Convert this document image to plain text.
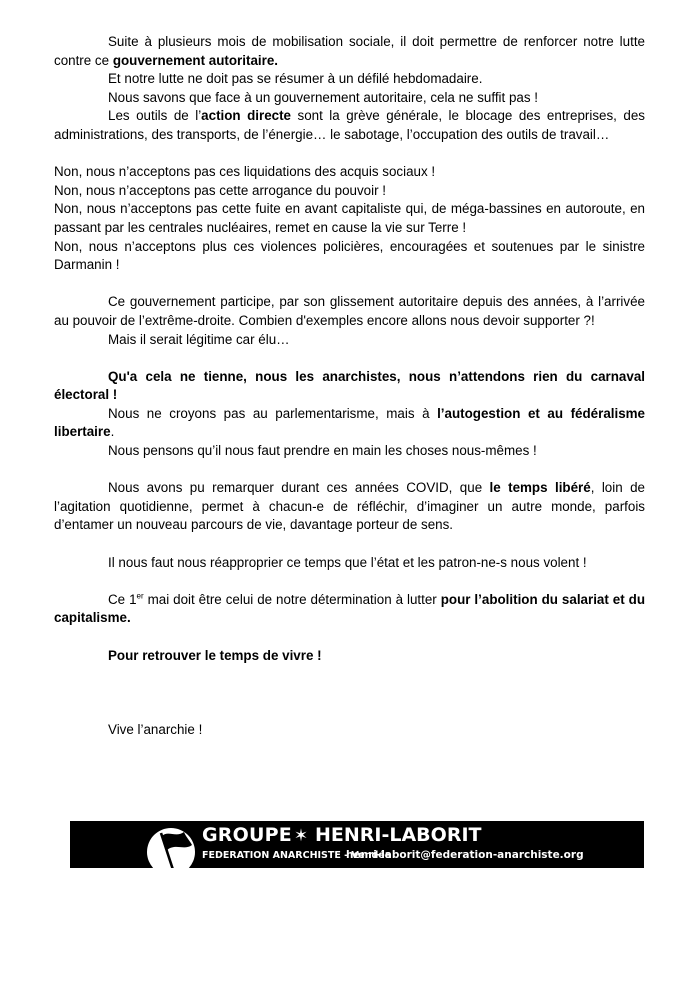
Suite à plusieurs mois de mobilisation sociale, il doit permettre de renforcer notre lutte contre ce gouvernement autoritaire.

Et notre lutte ne doit pas se résumer à un défilé hebdomadaire.

Nous savons que face à un gouvernement autoritaire, cela ne suffit pas !

Les outils de l’action directe sont la grève générale, le blocage des entreprises, des administrations, des transports, de l’énergie… le sabotage, l’occupation des outils de travail…

Non, nous n’acceptons pas ces liquidations des acquis sociaux !

Non, nous n’acceptons pas cette arrogance du pouvoir !

Non, nous n’acceptons pas cette fuite en avant capitaliste qui, de méga-bassines en autoroute, en passant par les centrales nucléaires, remet en cause la vie sur Terre !

Non, nous n’acceptons plus ces violences policières, encouragées et soutenues par le sinistre Darmanin !

Ce gouvernement participe, par son glissement autoritaire depuis des années, à l’arrivée au pouvoir de l’extrême-droite. Combien d'exemples encore allons nous devoir supporter ?!

Mais il serait légitime car élu…

Qu'a cela ne tienne, nous les anarchistes, nous n’attendons rien du carnaval électoral !

Nous ne croyons pas au parlementarisme, mais à l’autogestion et au fédéralisme libertaire.

Nous pensons qu’il nous faut prendre en main les choses nous-mêmes !

Nous avons pu remarquer durant ces années COVID, que le temps libéré, loin de l’agitation quotidienne, permet à chacun-e de réfléchir, d’imaginer un autre monde, parfois d’entamer un nouveau parcours de vie, davantage porteur de sens.

Il nous faut nous réapproprier ce temps que l’état et les patron-ne-s nous volent !

Ce 1er mai doit être celui de notre détermination à lutter pour l’abolition du salariat et du capitalisme.

Pour retrouver le temps de vivre !

Vive l’anarchie !

GROUPE ✶ HENRI-LABORIT
FEDERATION ANARCHISTE - Vendée
henri-laborit@federation-anarchiste.org
